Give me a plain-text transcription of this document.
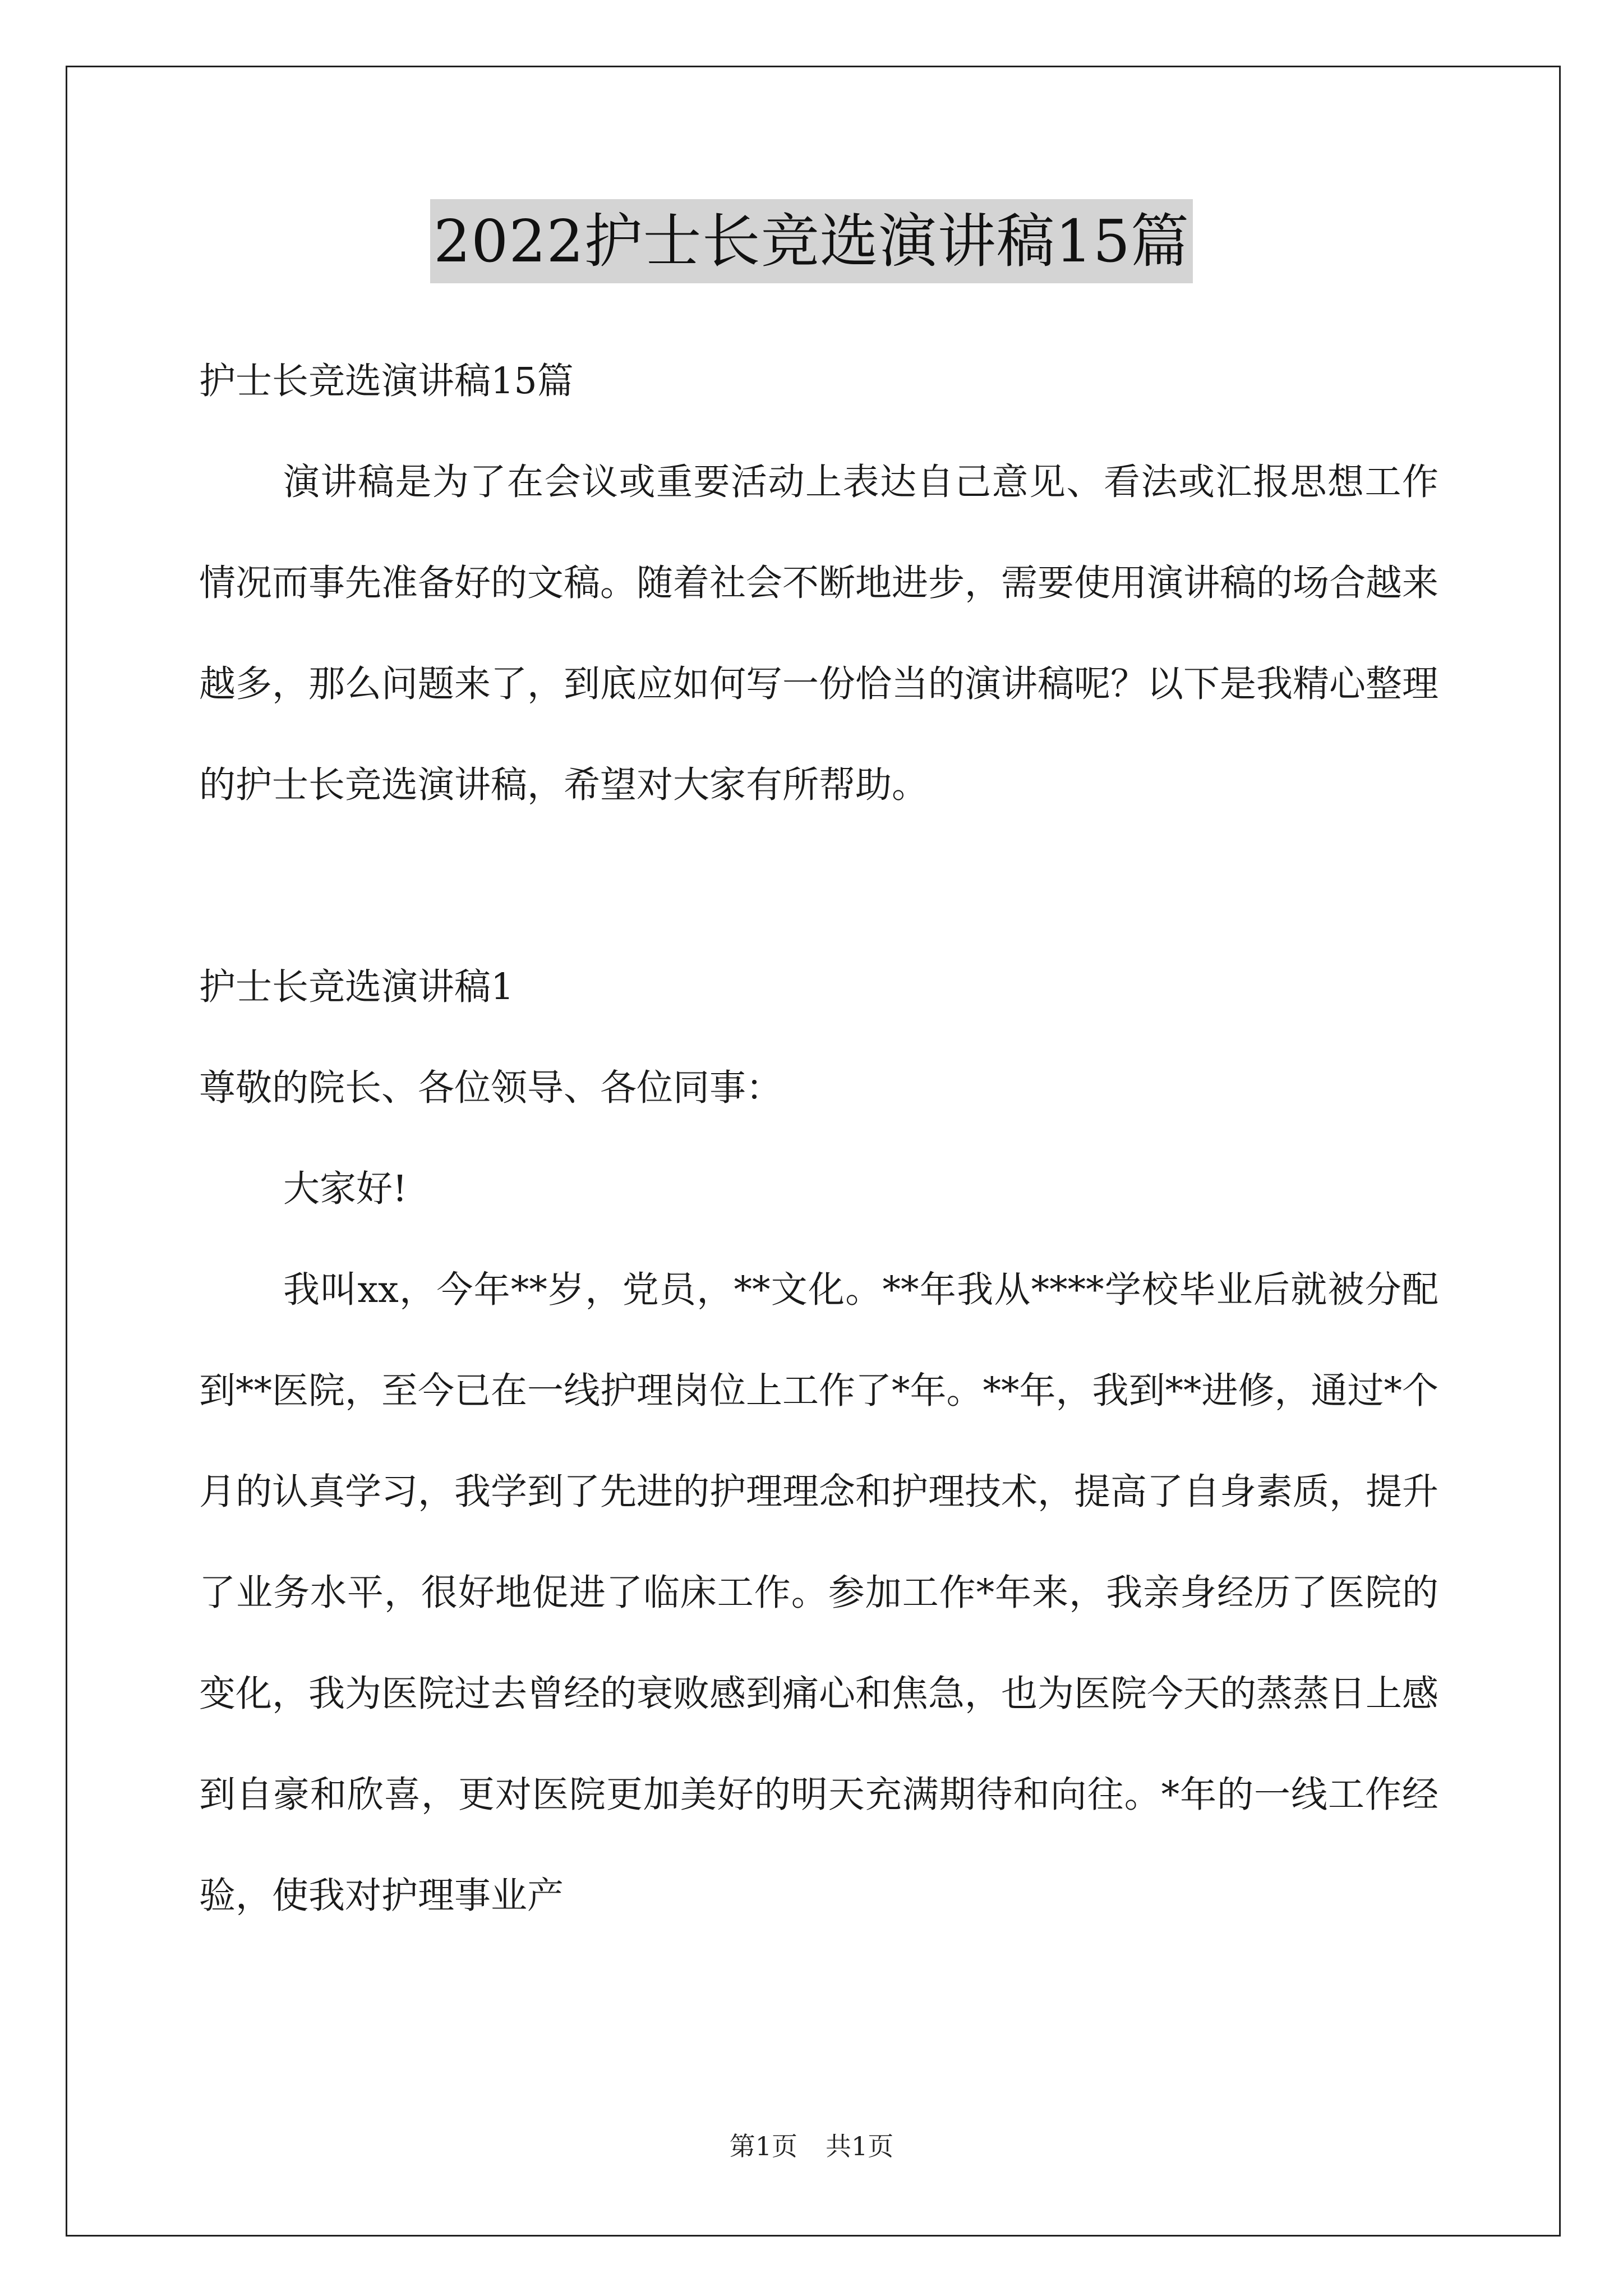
2022护士长竞选演讲稿15篇

护士长竞选演讲稿15篇

演讲稿是为了在会议或重要活动上表达自己意见、看法或汇报思想工作情况而事先准备好的文稿。随着社会不断地进步，需要使用演讲稿的场合越来越多，那么问题来了，到底应如何写一份恰当的演讲稿呢？以下是我精心整理的护士长竞选演讲稿，希望对大家有所帮助。

护士长竞选演讲稿1

尊敬的院长、各位领导、各位同事：

大家好!

我叫xx，今年**岁，党员，**文化。**年我从****学校毕业后就被分配到**医院，至今已在一线护理岗位上工作了*年。**年，我到**进修，通过*个月的认真学习，我学到了先进的护理理念和护理技术，提高了自身素质，提升了业务水平，很好地促进了临床工作。参加工作*年来，我亲身经历了医院的变化，我为医院过去曾经的衰败感到痛心和焦急，也为医院今天的蒸蒸日上感到自豪和欣喜，更对医院更加美好的明天充满期待和向往。*年的一线工作经验，使我对护理事业产

第1页 共1页
